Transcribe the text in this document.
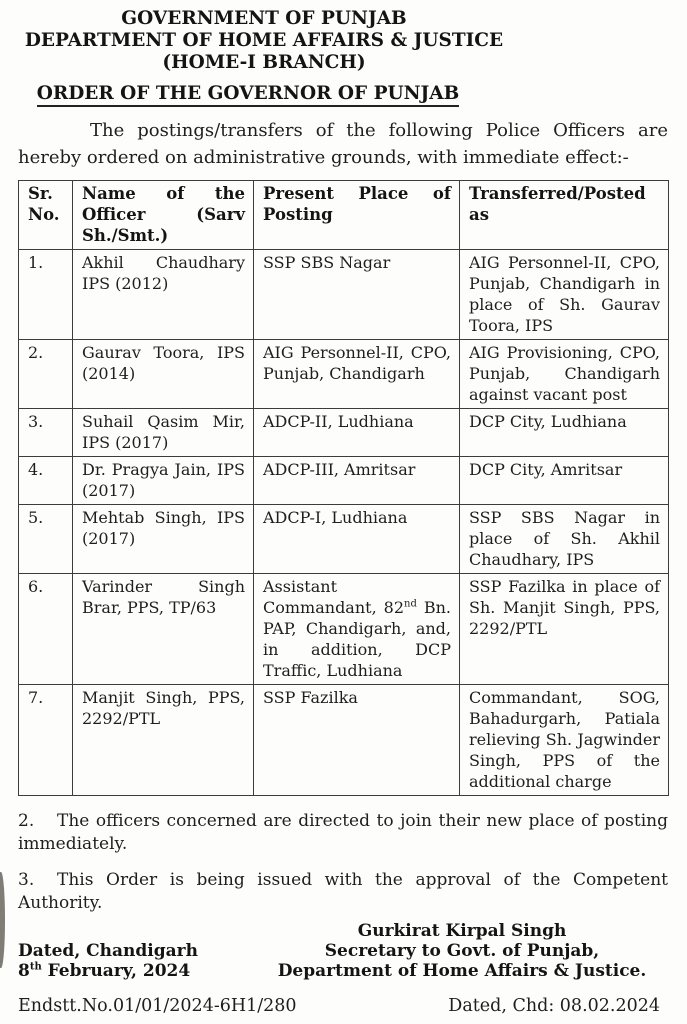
GOVERNMENT OF PUNJAB
DEPARTMENT OF HOME AFFAIRS & JUSTICE
(HOME-I BRANCH)
ORDER OF THE GOVERNOR OF PUNJAB

The postings/transfers of the following Police Officers are hereby ordered on administrative grounds, with immediate effect:-

Sr. No.	Name of the Officer (Sarv Sh./Smt.)	Present Place of Posting	Transferred/Posted as
1.	Akhil Chaudhary IPS (2012)	SSP SBS Nagar	AIG Personnel-II, CPO, Punjab, Chandigarh in place of Sh. Gaurav Toora, IPS
2.	Gaurav Toora, IPS (2014)	AIG Personnel-II, CPO, Punjab, Chandigarh	AIG Provisioning, CPO, Punjab, Chandigarh against vacant post
3.	Suhail Qasim Mir, IPS (2017)	ADCP-II, Ludhiana	DCP City, Ludhiana
4.	Dr. Pragya Jain, IPS (2017)	ADCP-III, Amritsar	DCP City, Amritsar
5.	Mehtab Singh, IPS (2017)	ADCP-I, Ludhiana	SSP SBS Nagar in place of Sh. Akhil Chaudhary, IPS
6.	Varinder Singh Brar, PPS, TP/63	Assistant Commandant, 82nd Bn. PAP, Chandigarh, and, in addition, DCP Traffic, Ludhiana	SSP Fazilka in place of Sh. Manjit Singh, PPS, 2292/PTL
7.	Manjit Singh, PPS, 2292/PTL	SSP Fazilka	Commandant, SOG, Bahadurgarh, Patiala relieving Sh. Jagwinder Singh, PPS of the additional charge

2. The officers concerned are directed to join their new place of posting immediately.

3. This Order is being issued with the approval of the Competent Authority.

Dated, Chandigarh
8th February, 2024
Gurkirat Kirpal Singh
Secretary to Govt. of Punjab,
Department of Home Affairs & Justice.
Endstt.No.01/01/2024-6H1/280	Dated, Chd: 08.02.2024
